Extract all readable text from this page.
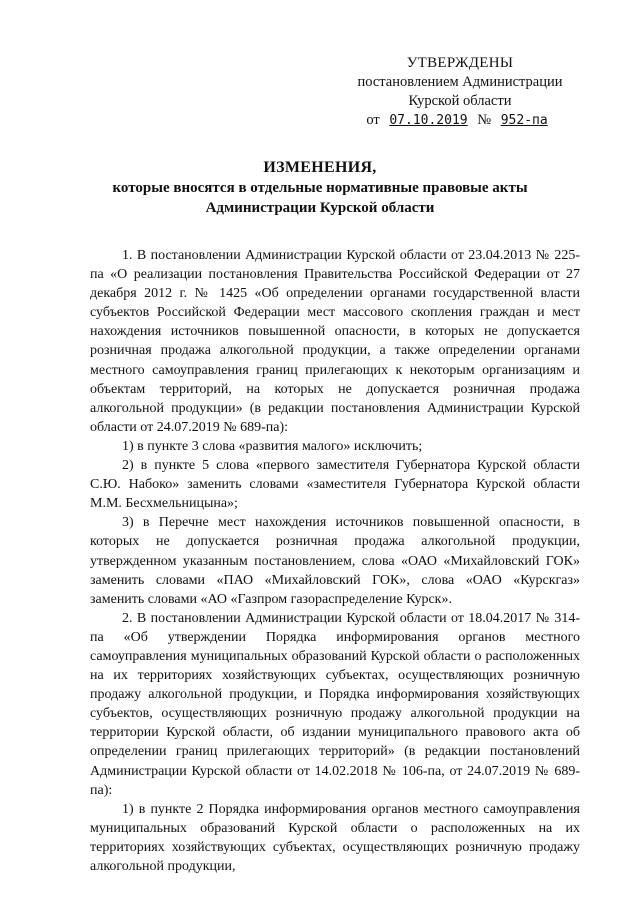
УТВЕРЖДЕНЫ
постановлением Администрации
Курской области
от 07.10.2019 № 952-па
ИЗМЕНЕНИЯ,
которые вносятся в отдельные нормативные правовые акты
Администрации Курской области

1. В постановлении Администрации Курской области от 23.04.2013 № 225-па «О реализации постановления Правительства Российской Федерации от 27 декабря 2012 г. № 1425 «Об определении органами государственной власти субъектов Российской Федерации мест массового скопления граждан и мест нахождения источников повышенной опасности, в которых не допускается розничная продажа алкогольной продукции, а также определении органами местного самоуправления границ прилегающих к некоторым организациям и объектам территорий, на которых не допускается розничная продажа алкогольной продукции» (в редакции постановления Администрации Курской области от 24.07.2019 № 689-па):

1) в пункте 3 слова «развития малого» исключить;

2) в пункте 5 слова «первого заместителя Губернатора Курской области С.Ю. Набоко» заменить словами «заместителя Губернатора Курской области М.М. Бесхмельницына»;

3) в Перечне мест нахождения источников повышенной опасности, в которых не допускается розничная продажа алкогольной продукции, утвержденном указанным постановлением, слова «ОАО «Михайловский ГОК» заменить словами «ПАО «Михайловский ГОК», слова «ОАО «Курскгаз» заменить словами «АО «Газпром газораспределение Курск».

2. В постановлении Администрации Курской области от 18.04.2017 № 314-па «Об утверждении Порядка информирования органов местного самоуправления муниципальных образований Курской области о расположенных на их территориях хозяйствующих субъектах, осуществляющих розничную продажу алкогольной продукции, и Порядка информирования хозяйствующих субъектов, осуществляющих розничную продажу алкогольной продукции на территории Курской области, об издании муниципального правового акта об определении границ прилегающих территорий» (в редакции постановлений Администрации Курской области от 14.02.2018 № 106-па, от 24.07.2019 № 689-па):

1) в пункте 2 Порядка информирования органов местного самоуправления муниципальных образований Курской области о расположенных на их территориях хозяйствующих субъектах, осуществляющих розничную продажу алкогольной продукции,
